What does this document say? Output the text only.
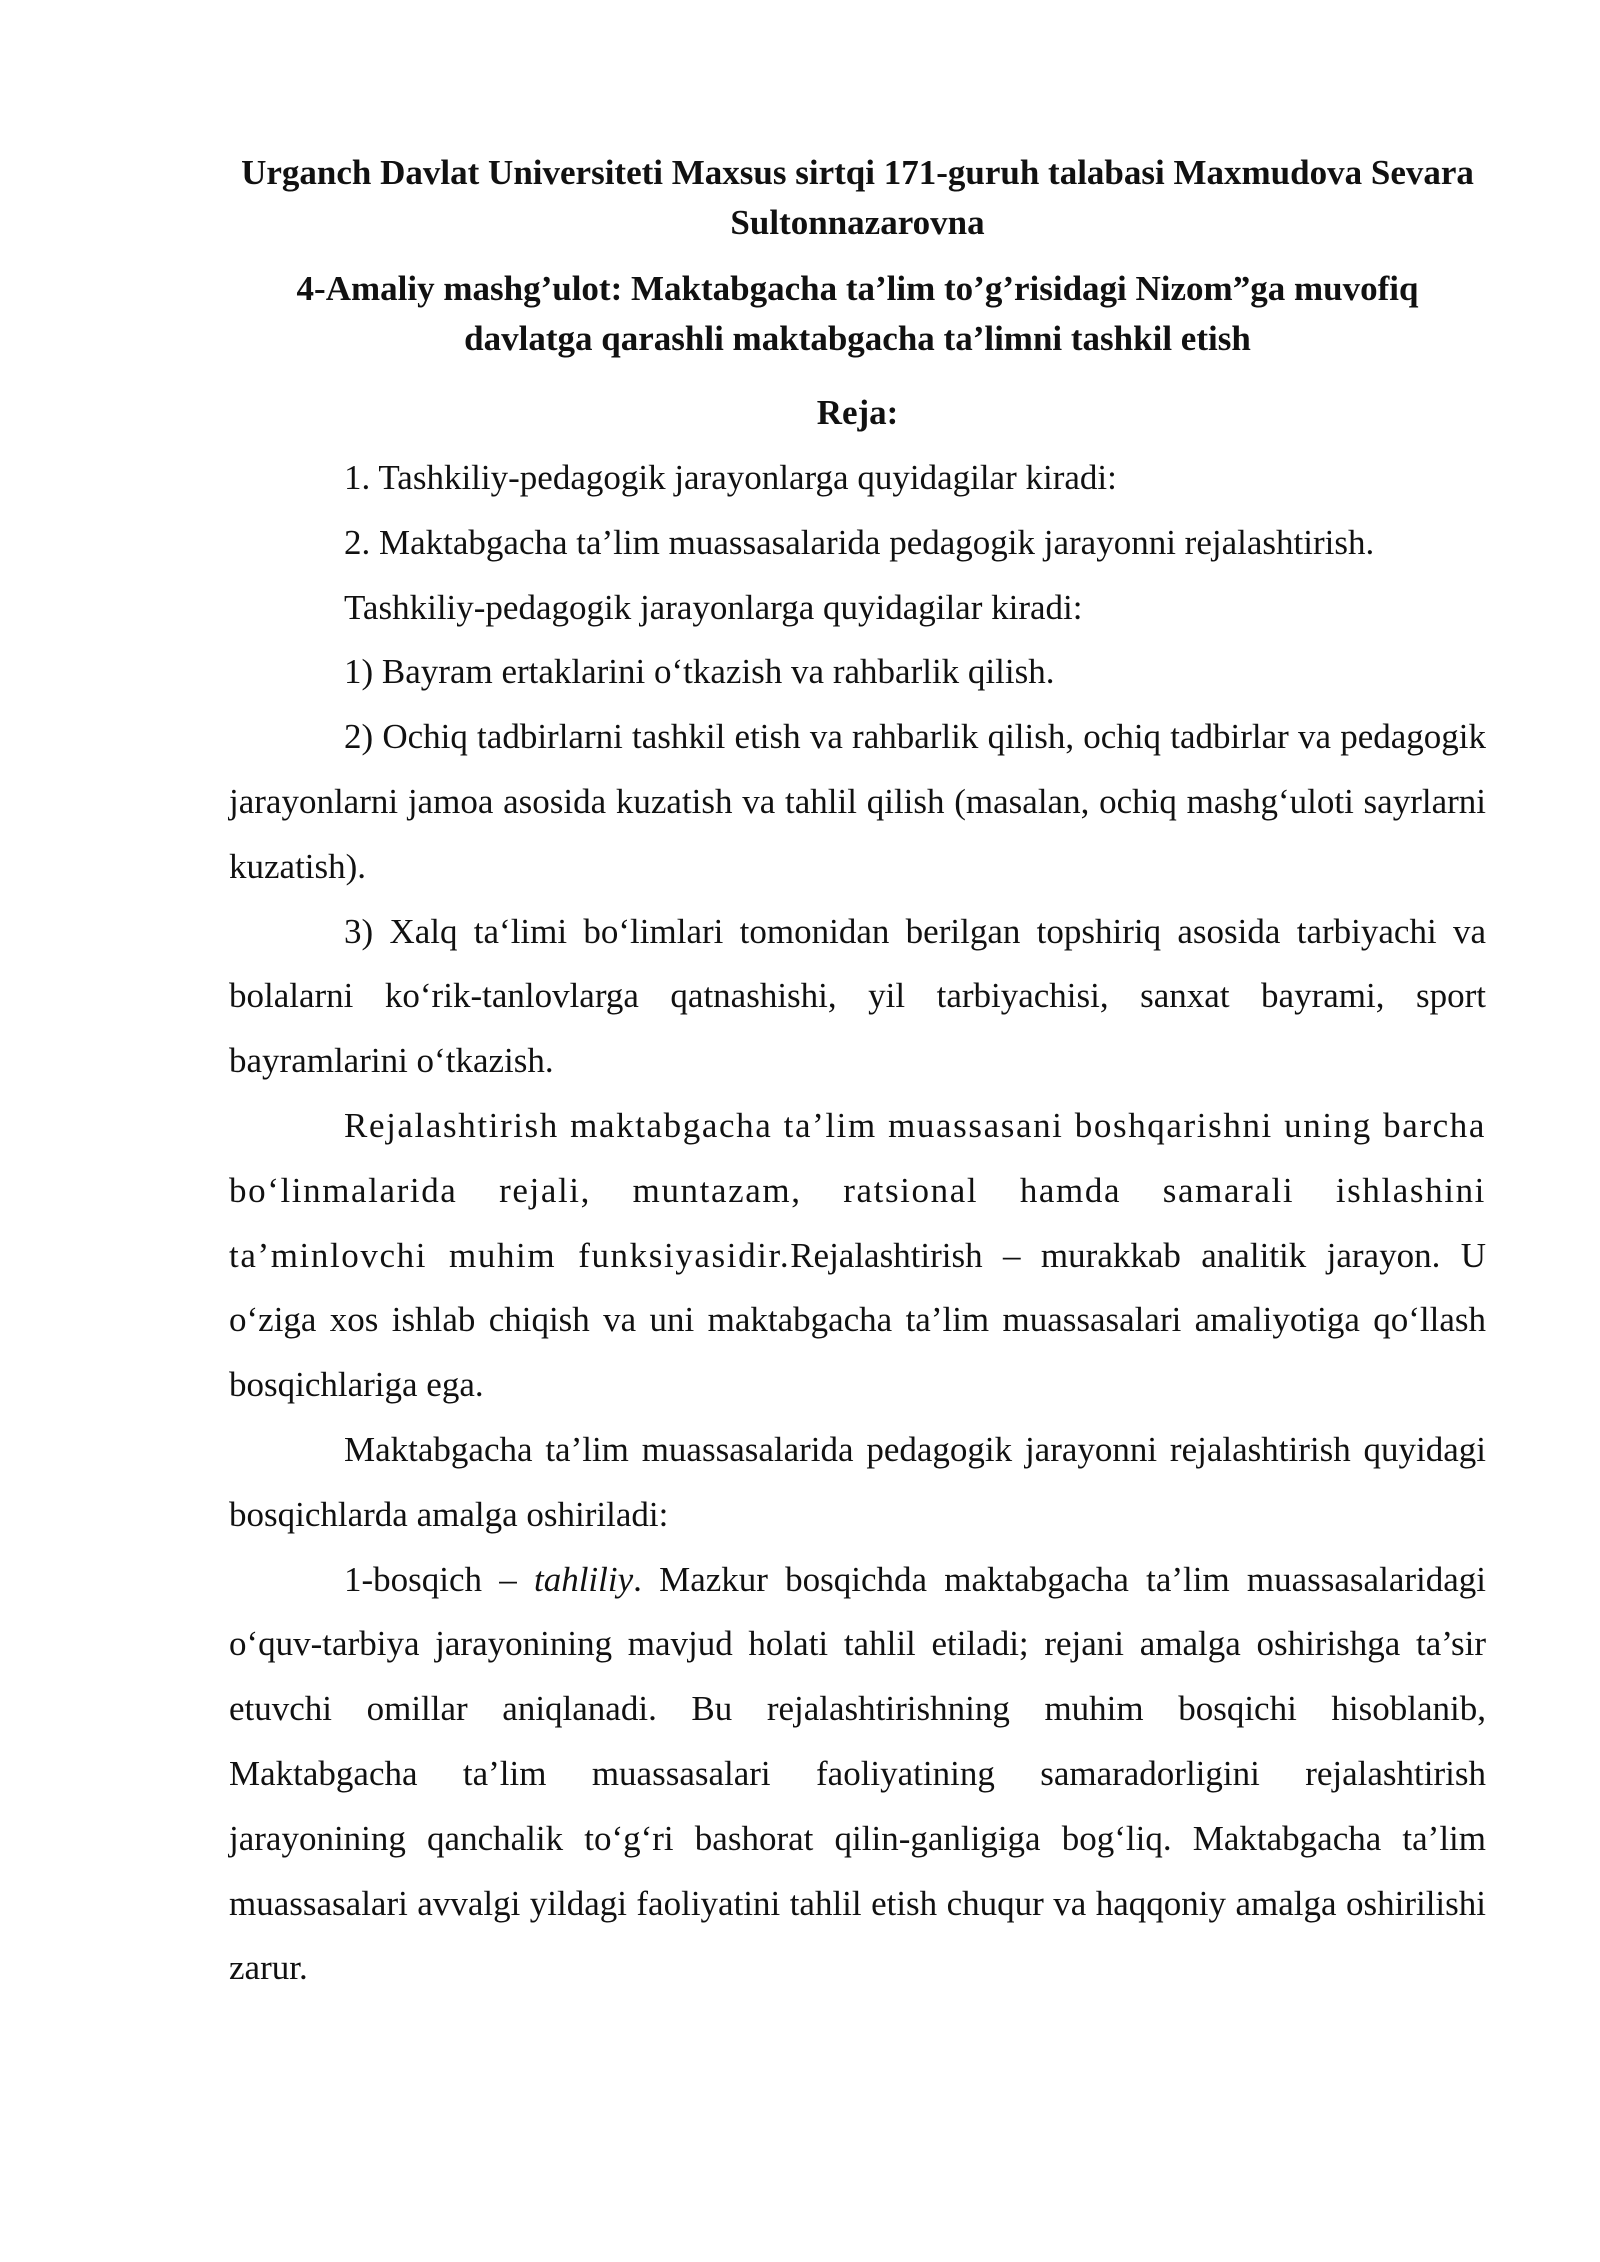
Urganch Davlat Universiteti Maxsus sirtqi 171-guruh talabasi Maxmudova Sevara Sultonnazarovna
4-Amaliy mashg’ulot: Maktabgacha ta’lim to’g’risidagi Nizom”ga muvofiq davlatga qarashli maktabgacha ta’limni tashkil etish
Reja:

1. Tashkiliy-pedagogik jarayonlarga quyidagilar kiradi:

2. Maktabgacha ta’lim muassasalarida pedagogik jarayonni rejalashtirish.

Tashkiliy-pedagogik jarayonlarga quyidagilar kiradi:

1) Bayram ertaklarini o‘tkazish va rahbarlik qilish.

2) Ochiq tadbirlarni tashkil etish va rahbarlik qilish, ochiq tadbirlar va pedagogik jarayonlarni jamoa asosida kuzatish va tahlil qilish (masalan, ochiq mashg‘uloti sayrlarni kuzatish).

3) Xalq ta‘limi bo‘limlari tomonidan berilgan topshiriq asosida tarbiyachi va bolalarni ko‘rik-tanlovlarga qatnashishi, yil tarbiyachisi, sanxat bayrami, sport bayramlarini o‘tkazish.

Rejalashtirish maktabgacha ta’lim muassasani boshqarishni uning barcha bo‘linmalarida rejali, muntazam, ratsional hamda samarali ishlashini ta’minlovchi muhim funksiyasidir.Rejalashtirish – murakkab analitik jarayon. U o‘ziga xos ishlab chiqish va uni maktabgacha ta’lim muassasalari amaliyotiga qo‘llash bosqichlariga ega.

Maktabgacha ta’lim muassasalarida pedagogik jarayonni rejalashtirish quyidagi bosqichlarda amalga oshiriladi:

1-bosqich – tahliliy. Mazkur bosqichda maktabgacha ta’lim muassasalaridagi o‘quv-tarbiya jarayonining mavjud holati tahlil etiladi; rejani amalga oshirishga ta’sir etuvchi omillar aniqlanadi. Bu rejalashtirishning muhim bosqichi hisoblanib, Maktabgacha ta’lim muassasalari faoliyatining samaradorligini rejalashtirish jarayonining qanchalik to‘g‘ri bashorat qilin-ganligiga bog‘liq. Maktabgacha ta’lim muassasalari avvalgi yildagi faoliyatini tahlil etish chuqur va haqqoniy amalga oshirilishi zarur.
